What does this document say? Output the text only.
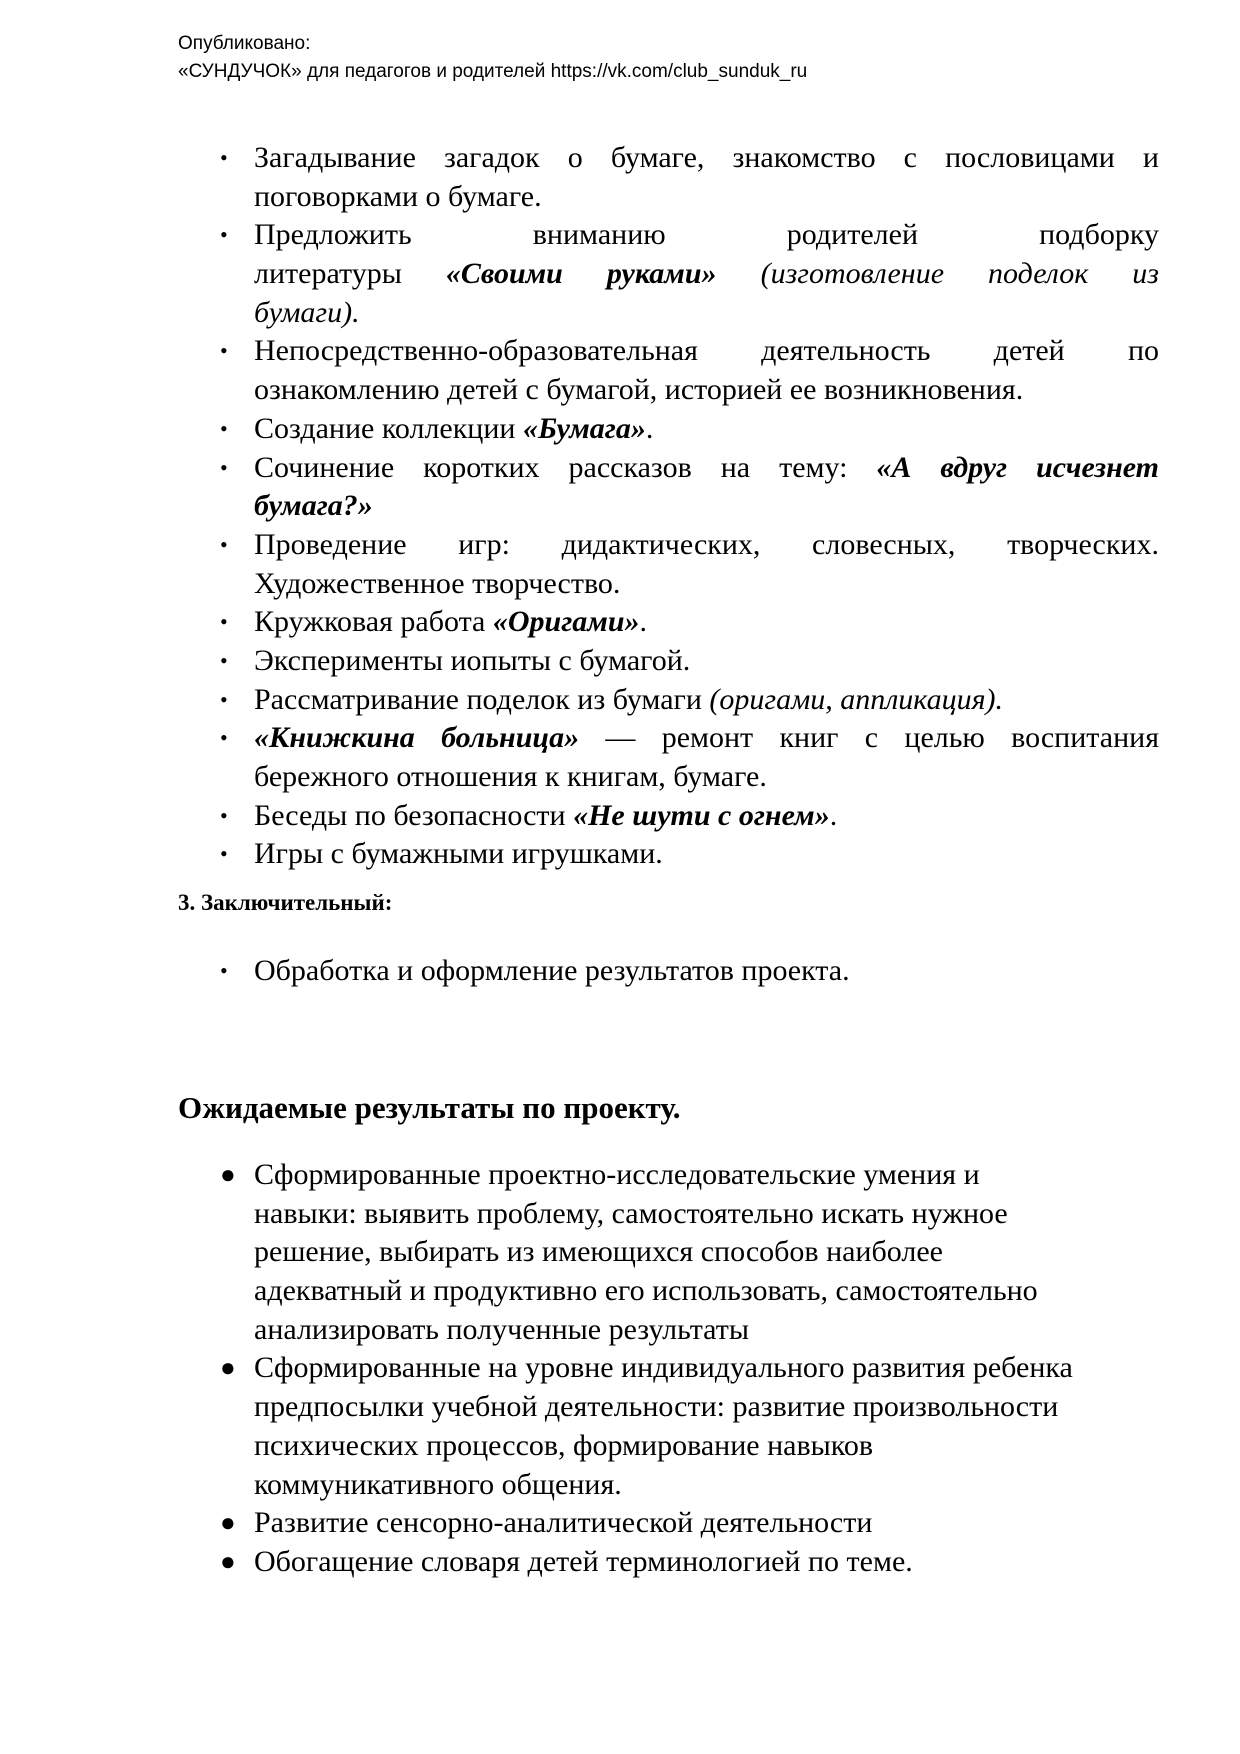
Опубликовано:
«СУНДУЧОК» для педагогов и родителей https://vk.com/club_sunduk_ru
• Загадывание загадок о бумаге, знакомство с пословицами и
поговорками о бумаге.
• Предложить вниманию родителей подборку
литературы «Своими руками» (изготовление поделок из
бумаги).
• Непосредственно-образовательная деятельность детей по
ознакомлению детей с бумагой, историей ее возникновения.
• Создание коллекции «Бумага».
• Сочинение коротких рассказов на тему: «А вдруг исчезнет
бумага?»
• Проведение игр: дидактических, словесных, творческих.
Художественное творчество.
• Кружковая работа «Оригами».
• Эксперименты иопыты с бумагой.
• Рассматривание поделок из бумаги (оригами, аппликация).
• «Книжкина больница» — ремонт книг с целью воспитания
бережного отношения к книгам, бумаге.
• Беседы по безопасности «Не шути с огнем».
• Игры с бумажными игрушками.
3. Заключительный:
• Обработка и оформление результатов проекта.
Ожидаемые результаты по проекту.
● Сформированные проектно-исследовательские умения и
навыки: выявить проблему, самостоятельно искать нужное
решение, выбирать из имеющихся способов наиболее
адекватный и продуктивно его использовать, самостоятельно
анализировать полученные результаты
● Сформированные на уровне индивидуального развития ребенка
предпосылки учебной деятельности: развитие произвольности
психических процессов, формирование навыков
коммуникативного общения.
● Развитие сенсорно-аналитической деятельности
● Обогащение словаря детей терминологией по теме.
